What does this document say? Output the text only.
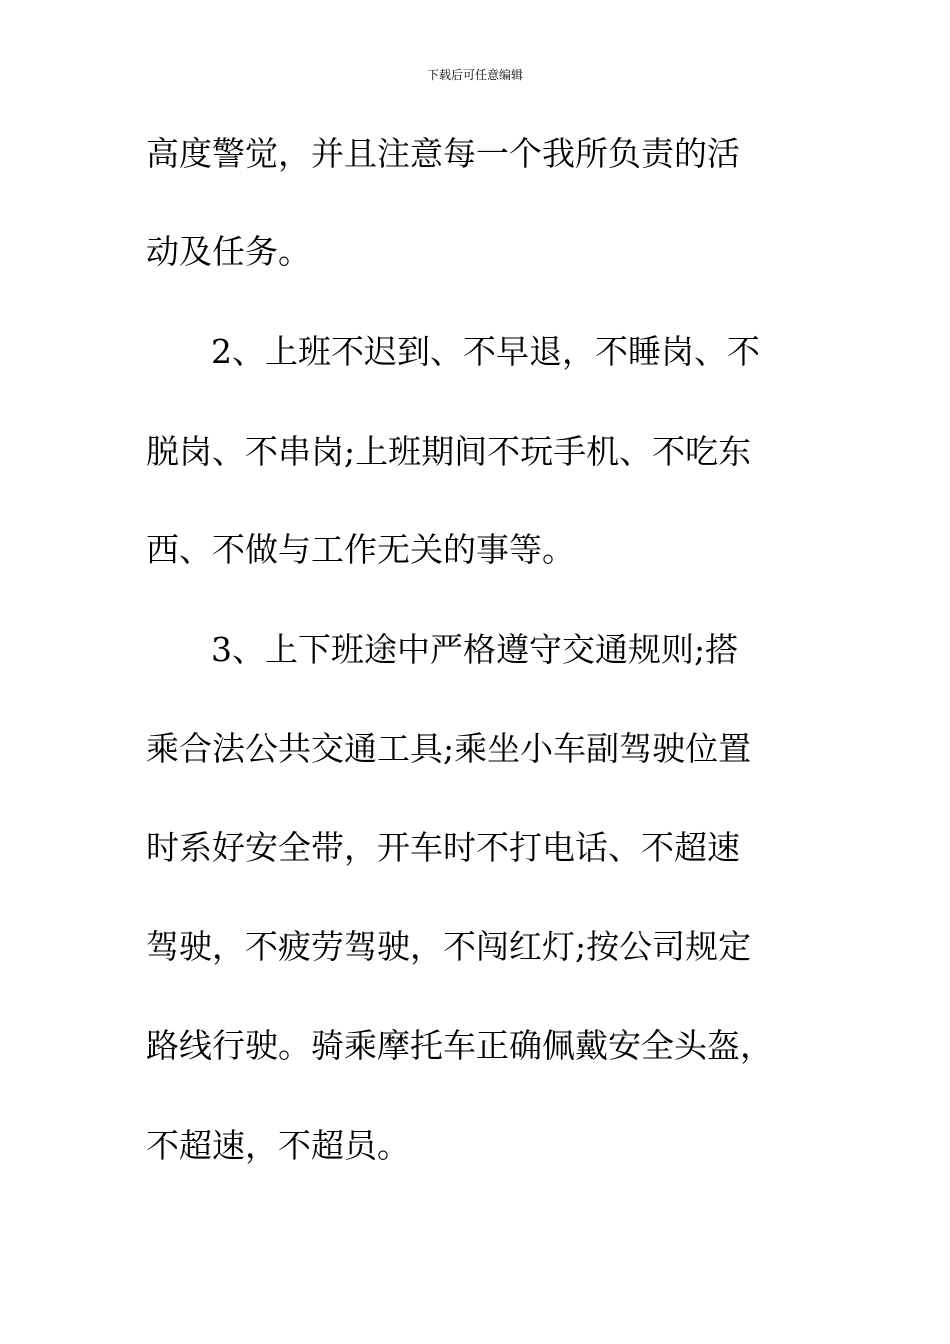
下载后可任意编辑
高度警觉，并且注意每一个我所负责的活
动及任务。
2、上班不迟到、不早退，不睡岗、不
脱岗、不串岗;上班期间不玩手机、不吃东
西、不做与工作无关的事等。
3、上下班途中严格遵守交通规则;搭
乘合法公共交通工具;乘坐小车副驾驶位置
时系好安全带，开车时不打电话、不超速
驾驶，不疲劳驾驶，不闯红灯;按公司规定
路线行驶。骑乘摩托车正确佩戴安全头盔，
不超速，不超员。
